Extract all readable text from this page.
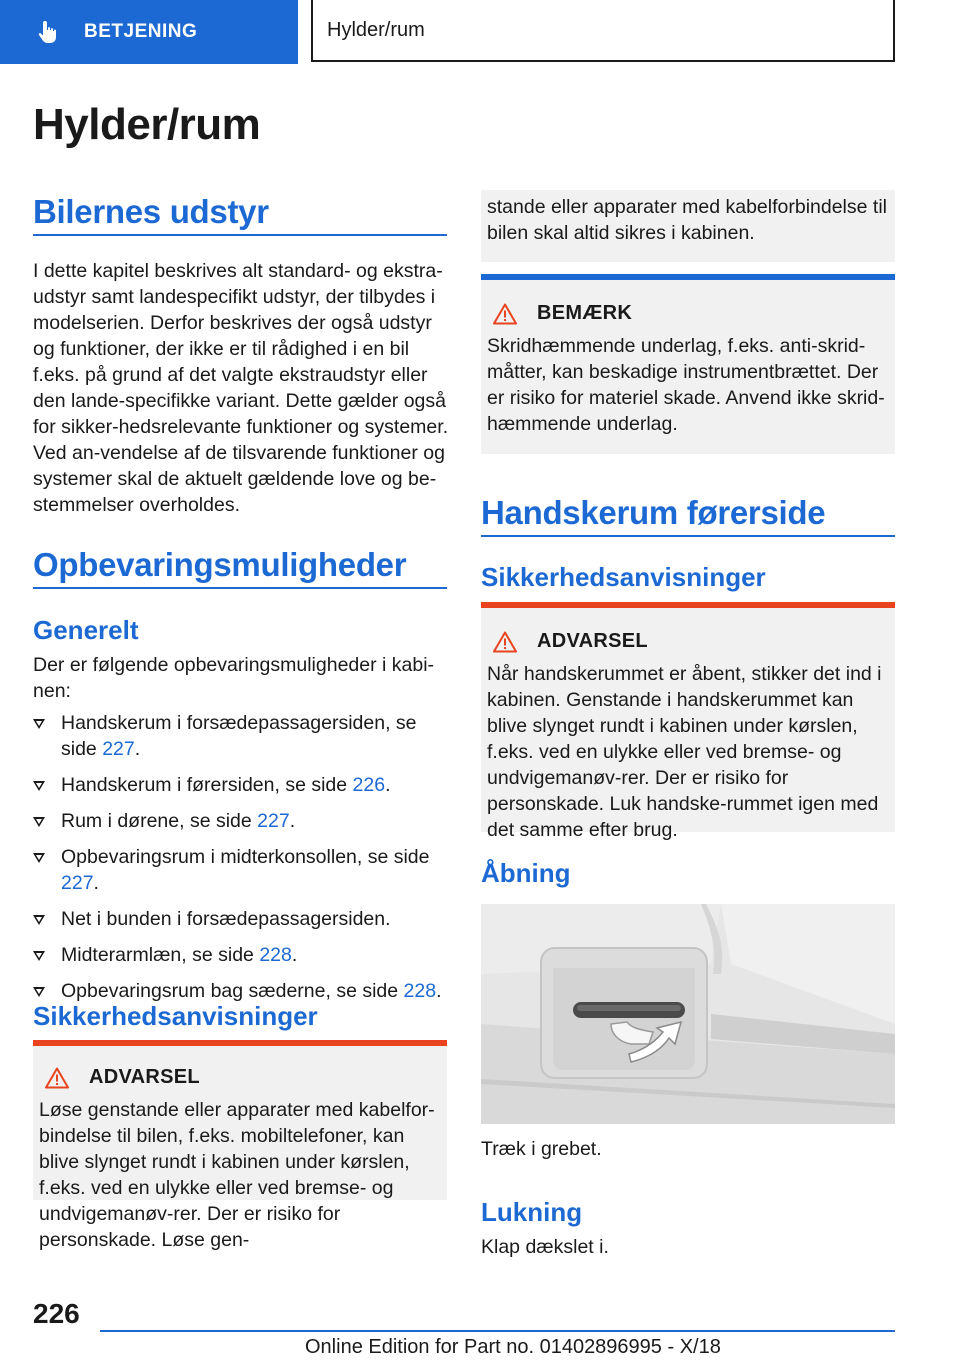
BETJENING	Hylder/rum
Hylder/rum
Bilernes udstyr
I dette kapitel beskrives alt standard- og ekstra-udstyr samt landespecifikt udstyr, der tilbydes i modelserien. Derfor beskrives der også udstyr og funktioner, der ikke er til rådighed i en bil f.eks. på grund af det valgte ekstraudstyr eller den lande-specifikke variant. Dette gælder også for sikker-hedsrelevante funktioner og systemer. Ved an-vendelse af de tilsvarende funktioner og systemer skal de aktuelt gældende love og be-stemmelser overholdes.
Opbevaringsmuligheder
Generelt
Der er følgende opbevaringsmuligheder i kabi-nen:
Handskerum i forsædepassagersiden, se side 227.
Handskerum i førersiden, se side 226.
Rum i dørene, se side 227.
Opbevaringsrum i midterkonsollen, se side 227.
Net i bunden i forsædepassagersiden.
Midterarmlæn, se side 228.
Opbevaringsrum bag sæderne, se side 228.
Sikkerhedsanvisninger
ADVARSEL
Løse genstande eller apparater med kabelfor-bindelse til bilen, f.eks. mobiltelefoner, kan blive slynget rundt i kabinen under kørslen, f.eks. ved en ulykke eller ved bremse- og undvigemanøv-rer. Der er risiko for personskade. Løse gen-
stande eller apparater med kabelforbindelse til bilen skal altid sikres i kabinen.
BEMÆRK
Skridhæmmende underlag, f.eks. anti-skrid-måtter, kan beskadige instrumentbrættet. Der er risiko for materiel skade. Anvend ikke skrid-hæmmende underlag.
Handskerum førerside
Sikkerhedsanvisninger
ADVARSEL
Når handskerummet er åbent, stikker det ind i kabinen. Genstande i handskerummet kan blive slynget rundt i kabinen under kørslen, f.eks. ved en ulykke eller ved bremse- og undvigemanøv-rer. Der er risiko for personskade. Luk handske-rummet igen med det samme efter brug.
Åbning
Træk i grebet.
Lukning
Klap dækslet i.
226
Online Edition for Part no. 01402896995 - X/18
